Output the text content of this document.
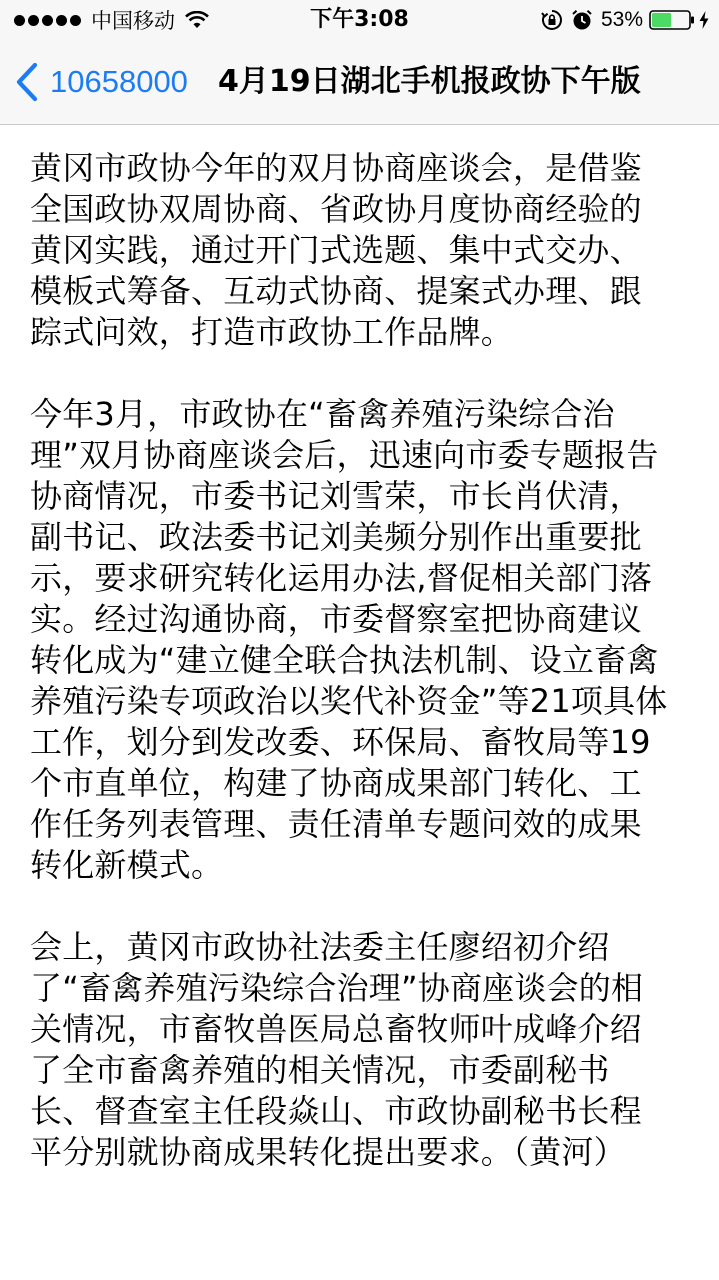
中国移动	下午3:08	53%
10658000 4月19日湖北手机报政协下午版

黄冈市政协今年的双月协商座谈会，是借鉴
全国政协双周协商、省政协月度协商经验的
黄冈实践，通过开门式选题、集中式交办、
模板式筹备、互动式协商、提案式办理、跟
踪式问效，打造市政协工作品牌。

今年3月，市政协在“畜禽养殖污染综合治
理”双月协商座谈会后，迅速向市委专题报告
协商情况，市委书记刘雪荣，市长肖伏清，
副书记、政法委书记刘美频分别作出重要批
示，要求研究转化运用办法,督促相关部门落
实。经过沟通协商，市委督察室把协商建议
转化成为“建立健全联合执法机制、设立畜禽
养殖污染专项政治以奖代补资金”等21项具体
工作，划分到发改委、环保局、畜牧局等19
个市直单位，构建了协商成果部门转化、工
作任务列表管理、责任清单专题问效的成果
转化新模式。

会上，黄冈市政协社法委主任廖绍初介绍
了“畜禽养殖污染综合治理”协商座谈会的相
关情况，市畜牧兽医局总畜牧师叶成峰介绍
了全市畜禽养殖的相关情况，市委副秘书
长、督查室主任段焱山、市政协副秘书长程
平分别就协商成果转化提出要求。（黄河）
